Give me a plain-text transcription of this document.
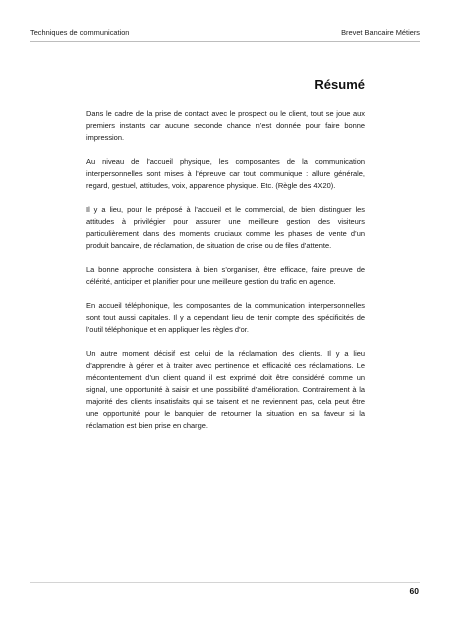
Techniques de communication	Brevet Bancaire Métiers
Résumé

Dans le cadre de la prise de contact avec le prospect ou le client, tout se joue aux premiers instants car aucune seconde chance n’est donnée pour faire bonne impression.

Au niveau de l’accueil physique, les composantes de la communication interpersonnelles sont mises à l’épreuve car tout communique : allure générale, regard, gestuel, attitudes, voix, apparence physique. Etc. (Règle des 4X20).

Il y a lieu, pour le préposé à l’accueil et le commercial, de bien distinguer les attitudes à privilégier pour assurer une meilleure gestion des visiteurs particulièrement dans des moments cruciaux comme les phases de vente d’un produit bancaire, de réclamation, de situation de crise ou de files d’attente.

La bonne approche consistera à bien s’organiser, être efficace, faire preuve de célérité, anticiper et planifier pour une meilleure gestion du trafic en agence.

En accueil téléphonique, les composantes de la communication interpersonnelles sont tout aussi capitales. Il y a cependant lieu de tenir compte des spécificités de l’outil téléphonique et en appliquer les règles d’or.

Un autre moment décisif est celui de la réclamation des clients. Il y a lieu d’apprendre à gérer et à traiter avec pertinence et efficacité ces réclamations. Le mécontentement d’un client quand il est exprimé doit être considéré comme un signal, une opportunité à saisir et une possibilité d’amélioration. Contrairement à la majorité des clients insatisfaits qui se taisent et ne reviennent pas, cela peut être une opportunité pour le banquier de retourner la situation en sa faveur si la réclamation est bien prise en charge.

60
